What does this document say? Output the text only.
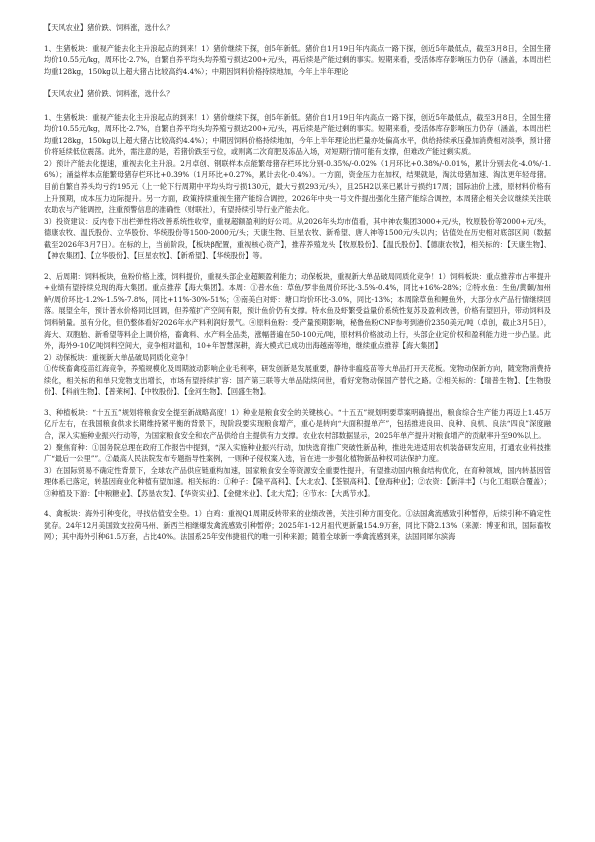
【天风农业】猪价跌、饲料涨，选什么？

1、生猪板块：重视产能去化主升浪起点的到来！1）猪价继续下探，创5年新低。猪价自1月19日年内高点一路下探，创近5年最低点，截至3月8日，全国生猪均价10.55元/kg，周环比-2.7%，自繁自养平均头均养殖亏损达200+元/头，再后续是产能过剩的事实。短期来看，受活体库存影响压力仍存（涵盖，本周出栏均重128kg，150kg以上超大猪占比较高约4.4%）；中期因饲料价格持续地加，今年上半年理论

【天风农业】猪价跌、饲料涨，选什么？

1、生猪板块：重视产能去化主升浪起点的到来！1）猪价继续下探，创5年新低。猪价自1月19日年内高点一路下探，创近5年最低点，截至3月8日，全国生猪均价10.55元/kg，周环比-2.7%，自繁自养平均头均养殖亏损达200+元/头，再后续是产能过剩的事实。短期来看，受活体库存影响压力仍存（涵盖，本周出栏均重128kg，150kg以上超大猪占比较高约4.4%）；中期因饲料价格持续地加，今年上半年理论出栏量亦处偏高水平，供给持续承压叠加消费相对淡季，预计猪价将延续低位震荡。此外，需注意的是，若猪价跌至亏位，或则离二次育肥及冻品入场，对短期行情可能有支撑，但难改产能过剩实质。

2）预计产能去化提速，重视去化主升浪。2月卓创、钢联样本点能繁母猪存栏环比分别-0.35%/-0.02%（1月环比+0.38%/-0.01%，累计分别去化-4.0%/-1.6%）；涌益样本点能繁母猪存栏环比+0.39%（1月环比+0.27%，累计去化-0.4%）。一方面，资金压力在加权，结果就是，淘汰母猪加速、淘汰更年轻母猪。目前自繁自养头均亏约195元（上一轮下行周期中平均头均亏损130元，最大亏损293元/头），且25H2以来已累计亏损约17周；国际油价上涨，原材料价格有上升预期，成本压力边际提升。另一方面，政策持续重视生猪产能综合调控，2026年中央一号文件提出强化生猪产能综合调控，本周猪企相关会议继续关注联农助农与产能调控，注重预警信息的准确性（财联社），有望持续引导行业产能去化。

3）投资建议：反内卷下出栏弹性将改善系统性收窄，重视超额盈利的好公司。从2026年头均市值看，其中神农集团3000+元/头，牧原股份等2000+元/头，德康农牧、温氏股份、立华股份、华统股份等1500-2000元/头；天康生物、巨星农牧、新希望、唐人神等1500元/头以内；估值处在历史相对底部区间（数据截至2026年3月7日）。在标的上，当前阶段，【板块β配置，重视核心资产】，推荐养殖龙头【牧原股份】、【温氏股份】、【德康农牧】，相关标的：【天康生物】、【神农集团】、【立华股份】、【巨星农牧】、【新希望】、【华统股份】等。

2、后周期：饲料板块，鱼粉价格上涨，饲料提价，重视头部企业超额盈利能力；动保板块，重视新大单品破局同质化竞争！1）饲料板块：重点推荐市占率提升+业绩有望持续兑现的海大集团。重点推荐【海大集团】。本周：①普水鱼：草鱼/罗非鱼周价环比-3.5%-0.4%，同比+16%-28%；②特水鱼：生鱼/黄颡/加州鲈/周价环比-1.2%-1.5%-7.8%，同比+11%-30%-51%；③南美白对虾：塘口均价环比-3.0%，同比-13%；本周除草鱼和鲤鱼外，大部分水产品行情继续回落。展望全年，预计普水价格同比回调，但养殖扩产空间有限，预计鱼价仍有支撑。特水鱼及虾繁受益量价系统性复苏及盈利改善，价格有望回升，带动饲料及饲料销量。虽有分化，但仍整体看好2026年水产料利润好景气。④原料鱼粉：受产量预期影响，秘鲁鱼粉CNF参考到港价2350美元/吨（卓创，截止3月5日），海大、双胞胎、新希望等料企上调价格，畜禽料、水产料全品类，涨幅普遍在50-100元/吨，原材料价格波动上行，头部企业定价权和盈利能力进一步凸显。此外，海外9-10亿吨饲料空间大，竞争相对温和，10+年智慧深耕，海大模式已成功出海越南等地，继续重点推荐【海大集团】

2）动保板块：重视新大单品破局同质化竞争！

①传统畜禽疫苗红海竞争，养殖规模化及周期波动影响企业毛利率，研发创新是发展重要，静待非瘟疫苗等大单品打开天花板。宠物动保新方向，随宠物消费持续化，相关标的和单只宠物支出增长，市场有望持续扩容：国产第三联等大单品陆续问世，看好宠物动保国产替代之路。②相关标的：【瑞普生物】、【生物股份】、【科前生物】、【普莱柯】、【中牧股份】、【金河生物】、【回盛生物】。

3、种植板块：“十五五”规划将粮食安全提至新战略高度！1）种业是粮食安全的关键核心。“十五五”规划明要草案明确提出，粮食综合生产能力再迈上1.45万亿斤左右，在我国粮食供求长期维持紧平衡的背景下，现阶段要实现粮食增产，重心是转向“大面积提单产”，包括推进良田、良种、良机、良法“四良”深度融合，深入实施种业振兴行动等，为国家粮食安全和农产品供给自主提供有力支撑。农业农村部数据显示，2025年单产提升对粮食增产的贡献率升至90%以上。

2）聚焦育种：①国务院总理在政府工作报告中提到，“深入实施种业振兴行动，加快选育推广突破性新品种，推进先进适用农机装备研发应用，打通农业科技推广“最后一公里””。②最高人民法院发布专题指导性案例，一则种子侵权案入选，旨在进一步强化植物新品种权司法保护力度。

3）在国际贸易不确定性背景下，全球农产品供应链重构加速，国家粮食安全等资源安全重要性提升，有望推动国内粮食结构优化，在育种领域，国内转基因管理体系已落定，转基因商业化种植有望加速。相关标的：①种子：【隆平高科】、【大北农】、【荃银高科】、【登海种业】；②农资：【新洋丰】（与化工组联合覆盖）；③种植及下游：【中粮糖业】、【苏垦农发】、【华资实业】、【金健米业】、【北大荒】；④节水：【大禹节水】。

4、禽板块：海外引种变化，寻找估值安全垫。1）白鸡：重视Q1周期反转带来的业绩改善，关注引种方面变化。①法国禽流感致引种暂停，后续引种不确定性犹存。24年12月美国致支拉荷马州、新西兰相继爆发禽流感致引种暂停；2025年1-12月祖代更新量154.9万套，同比下降2.13%（来源：博亚和讯，国际畜牧网）；其中海外引种61.5万套，占比40%。法国系25年安伟捷祖代的唯一引种来源；随着全球新一季禽流感到来，法国同犀尔滨海
